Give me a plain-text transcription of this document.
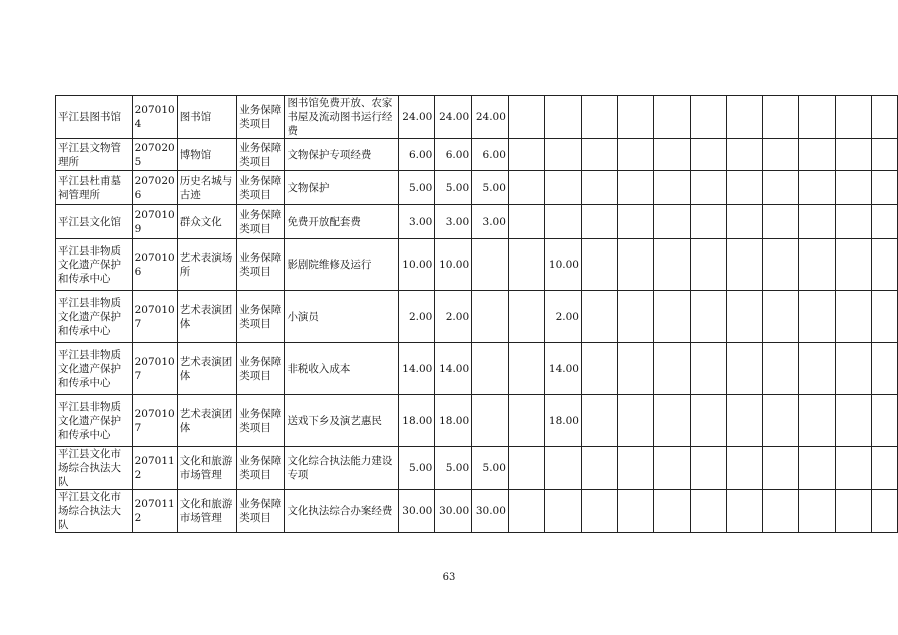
平江县图书馆	2070104	图书馆	业务保障类项目	图书馆免费开放、农家书屋及流动图书运行经费	24.00	24.00	24.00											
平江县文物管理所	2070205	博物馆	业务保障类项目	文物保护专项经费	6.00	6.00	6.00											
平江县杜甫墓祠管理所	2070206	历史名城与古迹	业务保障类项目	文物保护	5.00	5.00	5.00											
平江县文化馆	2070109	群众文化	业务保障类项目	免费开放配套费	3.00	3.00	3.00											
平江县非物质文化遗产保护和传承中心	2070106	艺术表演场所	业务保障类项目	影剧院维修及运行	10.00	10.00			10.00									
平江县非物质文化遗产保护和传承中心	2070107	艺术表演团体	业务保障类项目	小演员	2.00	2.00			2.00									
平江县非物质文化遗产保护和传承中心	2070107	艺术表演团体	业务保障类项目	非税收入成本	14.00	14.00			14.00									
平江县非物质文化遗产保护和传承中心	2070107	艺术表演团体	业务保障类项目	送戏下乡及演艺惠民	18.00	18.00			18.00									
平江县文化市场综合执法大队	2070112	文化和旅游市场管理	业务保障类项目	文化综合执法能力建设专项	5.00	5.00	5.00											
平江县文化市场综合执法大队	2070112	文化和旅游市场管理	业务保障类项目	文化执法综合办案经费	30.00	30.00	30.00											
63
